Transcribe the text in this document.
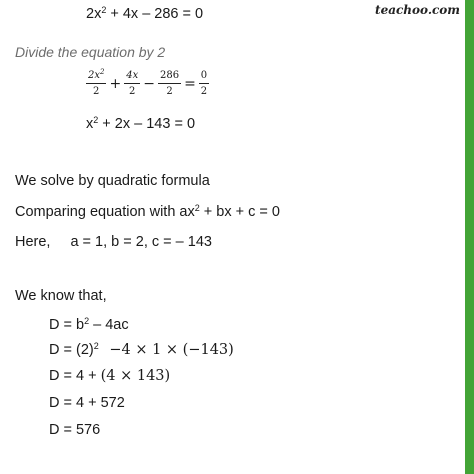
teachoo.com
$2x^2 + 4x - 286 = 0$
Divide the equation by 2
$\frac{2x^2}{2} + \frac{4x}{2} - \frac{286}{2} = \frac{0}{2}$
$x^2 + 2x - 143 = 0$
We solve by quadratic formula
Comparing equation with $ax^2$ + bx + c = 0
Here, a = 1, b = 2, c = – 143
We know that,
$D = b^2 - 4ac$
$D = (2)^2 -4 \times 1 \times (-143)$
D = 4 + (4 × 143)
D = 4 + 572
D = 576
